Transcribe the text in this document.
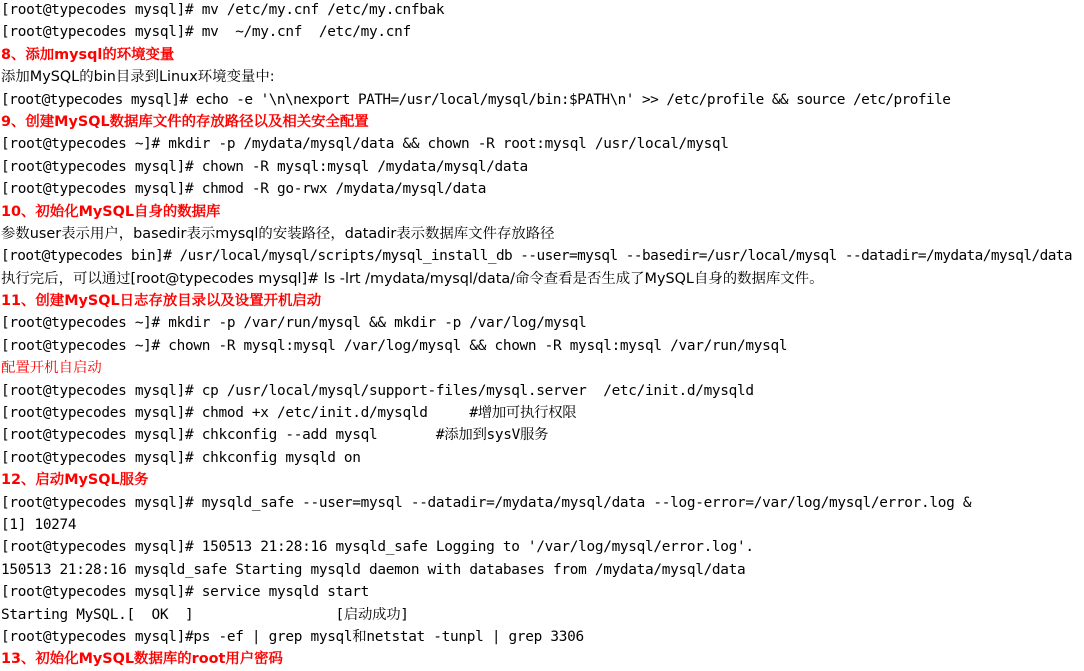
[root@typecodes mysql]# mv /etc/my.cnf /etc/my.cnfbak
[root@typecodes mysql]# mv  ~/my.cnf  /etc/my.cnf
8、添加mysql的环境变量
添加MySQL的bin目录到Linux环境变量中:
[root@typecodes mysql]# echo -e '\n\nexport PATH=/usr/local/mysql/bin:$PATH\n' >> /etc/profile && source /etc/profile
9、创建MySQL数据库文件的存放路径以及相关安全配置
[root@typecodes ~]# mkdir -p /mydata/mysql/data && chown -R root:mysql /usr/local/mysql
[root@typecodes mysql]# chown -R mysql:mysql /mydata/mysql/data
[root@typecodes mysql]# chmod -R go-rwx /mydata/mysql/data
10、初始化MySQL自身的数据库
参数user表示用户，basedir表示mysql的安装路径，datadir表示数据库文件存放路径
[root@typecodes bin]# /usr/local/mysql/scripts/mysql_install_db --user=mysql --basedir=/usr/local/mysql --datadir=/mydata/mysql/data
执行完后，可以通过[root@typecodes mysql]# ls -lrt /mydata/mysql/data/命令查看是否生成了MySQL自身的数据库文件。
11、创建MySQL日志存放目录以及设置开机启动
[root@typecodes ~]# mkdir -p /var/run/mysql && mkdir -p /var/log/mysql
[root@typecodes ~]# chown -R mysql:mysql /var/log/mysql && chown -R mysql:mysql /var/run/mysql
配置开机自启动
[root@typecodes mysql]# cp /usr/local/mysql/support-files/mysql.server  /etc/init.d/mysqld
[root@typecodes mysql]# chmod +x /etc/init.d/mysqld     #增加可执行权限
[root@typecodes mysql]# chkconfig --add mysql       #添加到sysV服务
[root@typecodes mysql]# chkconfig mysqld on
12、启动MySQL服务
[root@typecodes mysql]# mysqld_safe --user=mysql --datadir=/mydata/mysql/data --log-error=/var/log/mysql/error.log &
[1] 10274
[root@typecodes mysql]# 150513 21:28:16 mysqld_safe Logging to '/var/log/mysql/error.log'.
150513 21:28:16 mysqld_safe Starting mysqld daemon with databases from /mydata/mysql/data
[root@typecodes mysql]# service mysqld start
Starting MySQL.[  OK  ]                 [启动成功]
[root@typecodes mysql]#ps -ef | grep mysql和netstat -tunpl | grep 3306
13、初始化MySQL数据库的root用户密码
